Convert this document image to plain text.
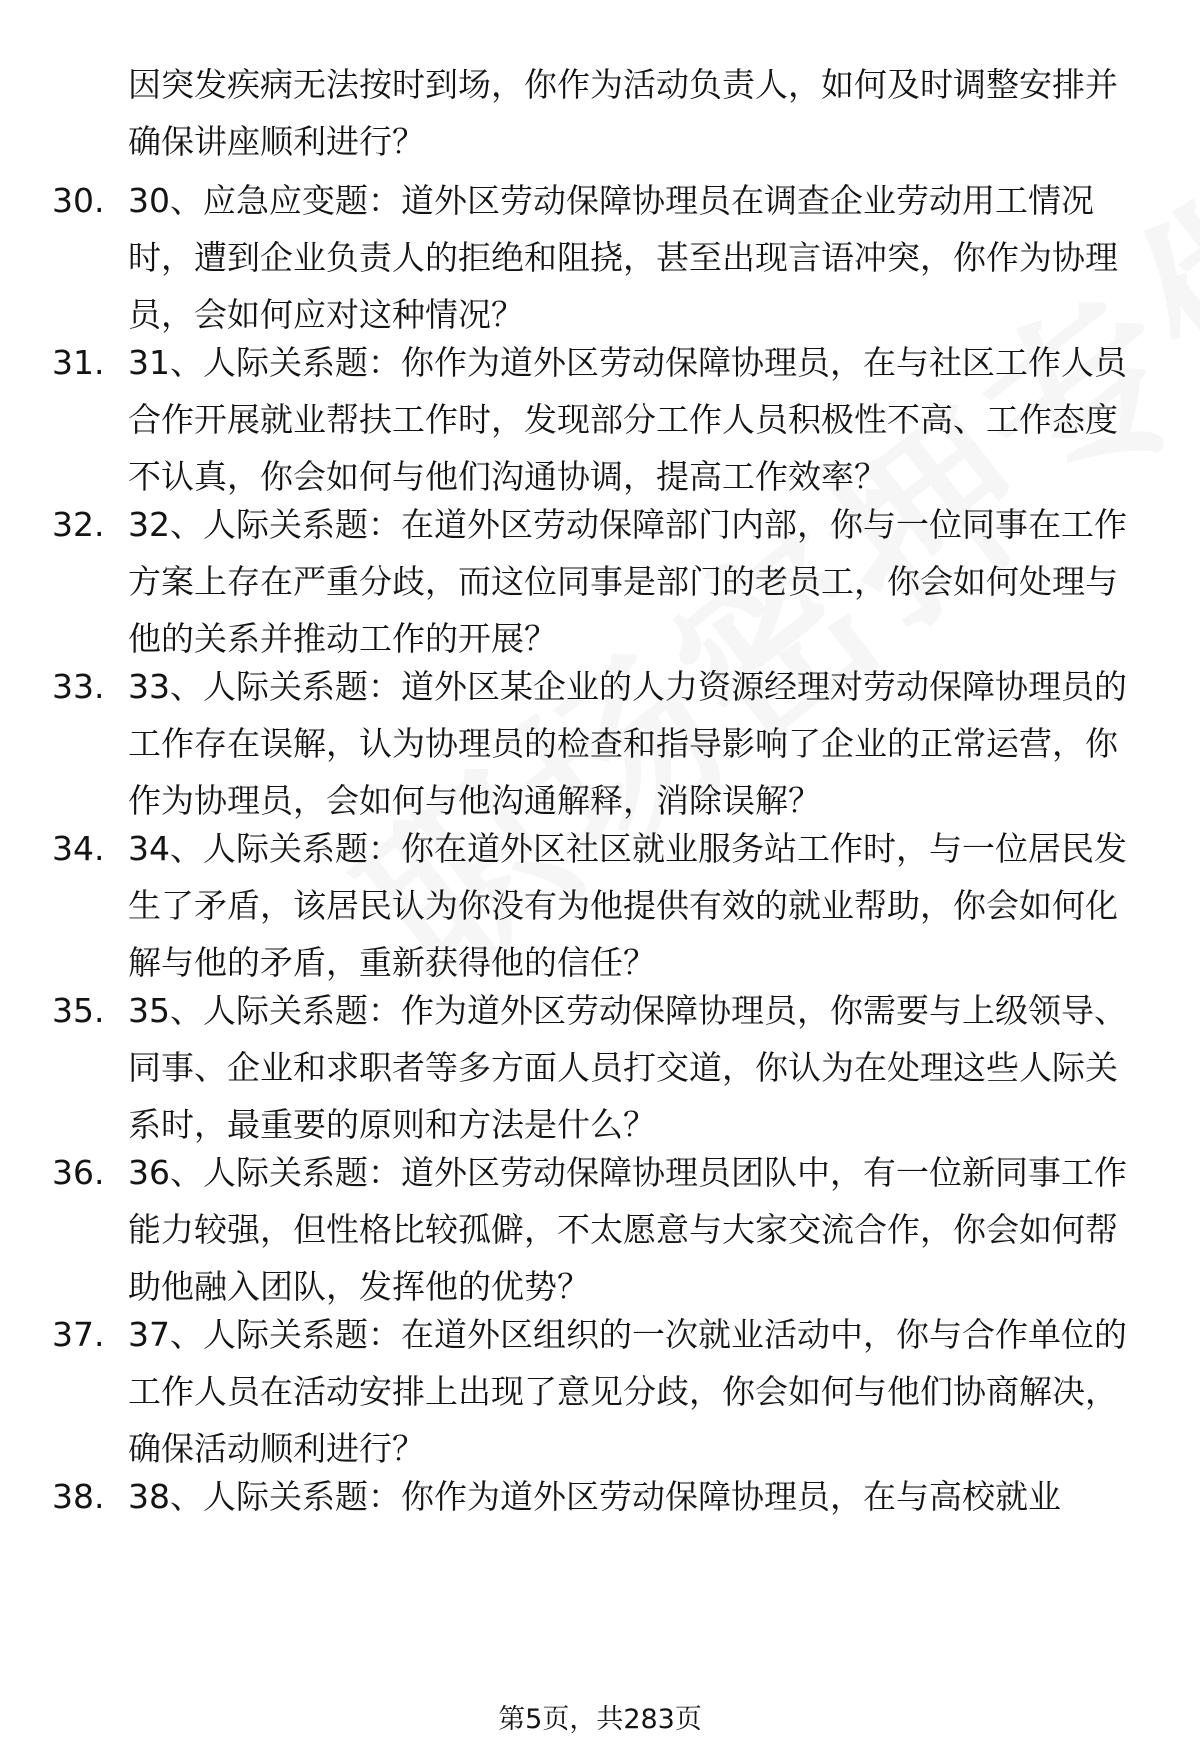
因突发疾病无法按时到场，你作为活动负责人，如何及时调整安排并确保讲座顺利进行？
30. 30、应急应变题：道外区劳动保障协理员在调查企业劳动用工情况时，遭到企业负责人的拒绝和阻挠，甚至出现言语冲突，你作为协理员，会如何应对这种情况？
31. 31、人际关系题：你作为道外区劳动保障协理员，在与社区工作人员合作开展就业帮扶工作时，发现部分工作人员积极性不高、工作态度不认真，你会如何与他们沟通协调，提高工作效率？
32. 32、人际关系题：在道外区劳动保障部门内部，你与一位同事在工作方案上存在严重分歧，而这位同事是部门的老员工，你会如何处理与他的关系并推动工作的开展？
33. 33、人际关系题：道外区某企业的人力资源经理对劳动保障协理员的工作存在误解，认为协理员的检查和指导影响了企业的正常运营，你作为协理员，会如何与他沟通解释，消除误解？
34. 34、人际关系题：你在道外区社区就业服务站工作时，与一位居民发生了矛盾，该居民认为你没有为他提供有效的就业帮助，你会如何化解与他的矛盾，重新获得他的信任？
35. 35、人际关系题：作为道外区劳动保障协理员，你需要与上级领导、同事、企业和求职者等多方面人员打交道，你认为在处理这些人际关系时，最重要的原则和方法是什么？
36. 36、人际关系题：道外区劳动保障协理员团队中，有一位新同事工作能力较强，但性格比较孤僻，不太愿意与大家交流合作，你会如何帮助他融入团队，发挥他的优势？
37. 37、人际关系题：在道外区组织的一次就业活动中，你与合作单位的工作人员在活动安排上出现了意见分歧，你会如何与他们协商解决，确保活动顺利进行？
38. 38、人际关系题：你作为道外区劳动保障协理员，在与高校就业
第5页，共283页
